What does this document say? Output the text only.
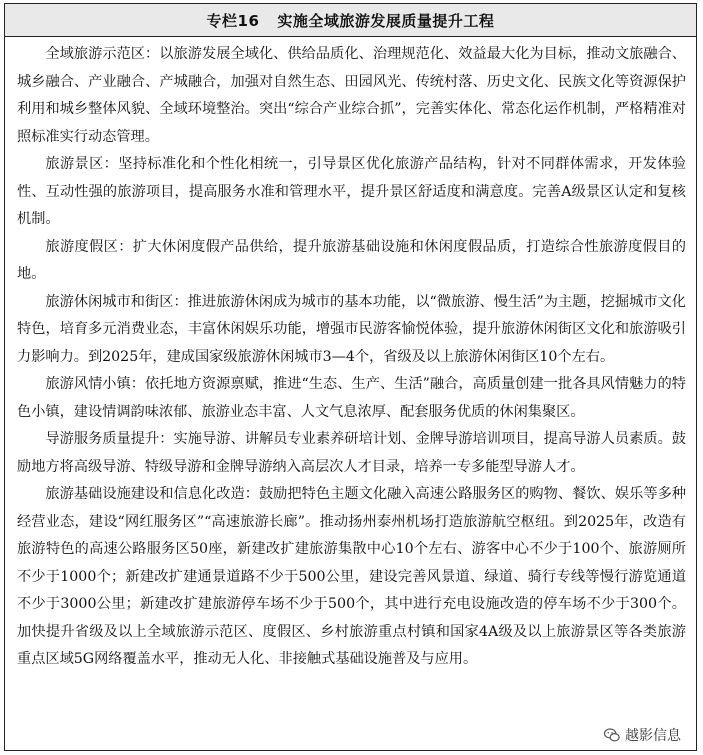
专栏16 实施全域旅游发展质量提升工程

全域旅游示范区：以旅游发展全域化、供给品质化、治理规范化、效益最大化为目标，推动文旅融合、城乡融合、产业融合、产城融合，加强对自然生态、田园风光、传统村落、历史文化、民族文化等资源保护利用和城乡整体风貌、全域环境整治。突出“综合产业综合抓”，完善实体化、常态化运作机制，严格精准对照标准实行动态管理。

旅游景区：坚持标准化和个性化相统一，引导景区优化旅游产品结构，针对不同群体需求，开发体验性、互动性强的旅游项目，提高服务水准和管理水平，提升景区舒适度和满意度。完善A级景区认定和复核机制。

旅游度假区：扩大休闲度假产品供给，提升旅游基础设施和休闲度假品质，打造综合性旅游度假目的地。

旅游休闲城市和街区：推进旅游休闲成为城市的基本功能，以“微旅游、慢生活”为主题，挖掘城市文化特色，培育多元消费业态，丰富休闲娱乐功能，增强市民游客愉悦体验，提升旅游休闲街区文化和旅游吸引力影响力。到2025年，建成国家级旅游休闲城市3—4个，省级及以上旅游休闲街区10个左右。

旅游风情小镇：依托地方资源禀赋，推进“生态、生产、生活”融合，高质量创建一批各具风情魅力的特色小镇，建设情调韵味浓郁、旅游业态丰富、人文气息浓厚、配套服务优质的休闲集聚区。

导游服务质量提升：实施导游、讲解员专业素养研培计划、金牌导游培训项目，提高导游人员素质。鼓励地方将高级导游、特级导游和金牌导游纳入高层次人才目录，培养一专多能型导游人才。

旅游基础设施建设和信息化改造：鼓励把特色主题文化融入高速公路服务区的购物、餐饮、娱乐等多种经营业态，建设“网红服务区”“高速旅游长廊”。推动扬州泰州机场打造旅游航空枢纽。到2025年，改造有旅游特色的高速公路服务区50座，新建改扩建旅游集散中心10个左右、游客中心不少于100个、旅游厕所不少于1000个；新建改扩建通景道路不少于500公里，建设完善风景道、绿道、骑行专线等慢行游览通道不少于3000公里；新建改扩建旅游停车场不少于500个，其中进行充电设施改造的停车场不少于300个。加快提升省级及以上全域旅游示范区、度假区、乡村旅游重点村镇和国家4A级及以上旅游景区等各类旅游重点区域5G网络覆盖水平，推动无人化、非接触式基础设施普及与应用。

越影信息
